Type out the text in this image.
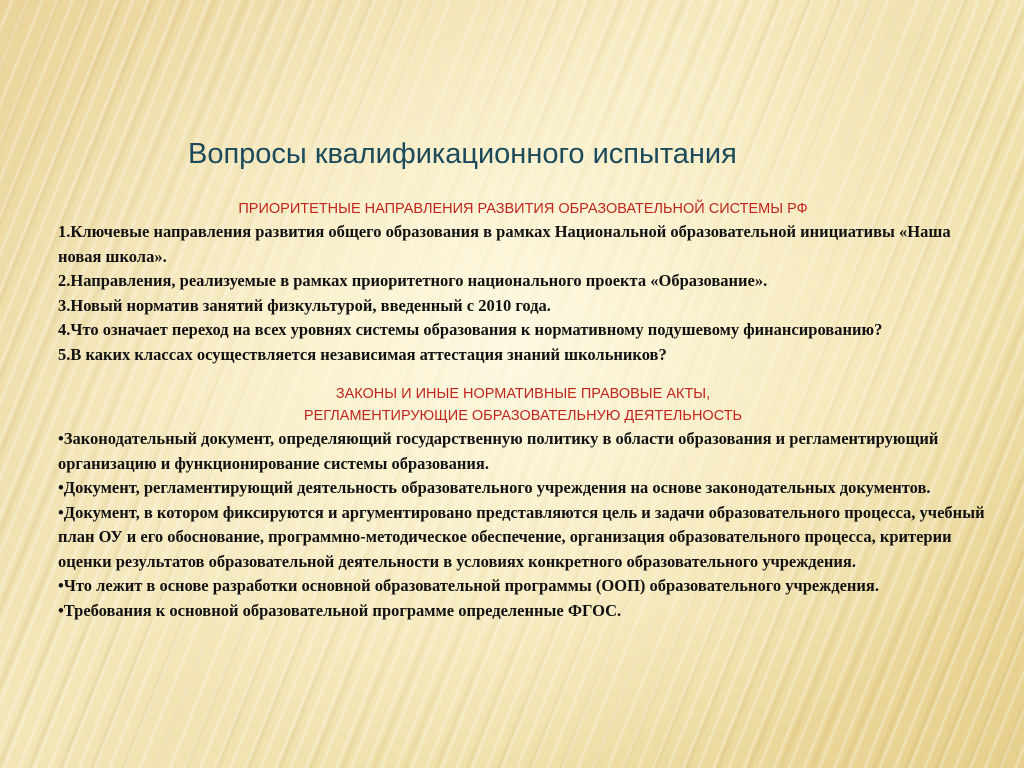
Вопросы квалификационного испытания

ПРИОРИТЕТНЫЕ НАПРАВЛЕНИЯ РАЗВИТИЯ ОБРАЗОВАТЕЛЬНОЙ СИСТЕМЫ РФ

1.Ключевые направления развития общего образования в рамках Национальной образовательной инициативы «Наша новая школа».

2.Направления, реализуемые в рамках приоритетного национального проекта «Образование».

3.Новый норматив занятий физкультурой, введенный с 2010 года.

4.Что означает переход на всех уровнях системы образования к нормативному подушевому финансированию?

5.В каких классах осуществляется независимая аттестация знаний школьников?

ЗАКОНЫ И ИНЫЕ НОРМАТИВНЫЕ ПРАВОВЫЕ АКТЫ,

РЕГЛАМЕНТИРУЮЩИЕ ОБРАЗОВАТЕЛЬНУЮ ДЕЯТЕЛЬНОСТЬ

•Законодательный документ, определяющий государственную политику в области образования и регламентирующий организацию и функционирование системы образования.

•Документ, регламентирующий деятельность образовательного учреждения на основе законодательных документов.

•Документ, в котором фиксируются и аргументировано представляются цель и задачи образовательного процесса, учебный план ОУ и его обоснование, программно-методическое обеспечение, организация образовательного процесса, критерии оценки результатов образовательной деятельности в условиях конкретного образовательного учреждения.

•Что лежит в основе разработки основной образовательной программы (ООП) образовательного учреждения.

•Требования к основной образовательной программе определенные ФГОС.
